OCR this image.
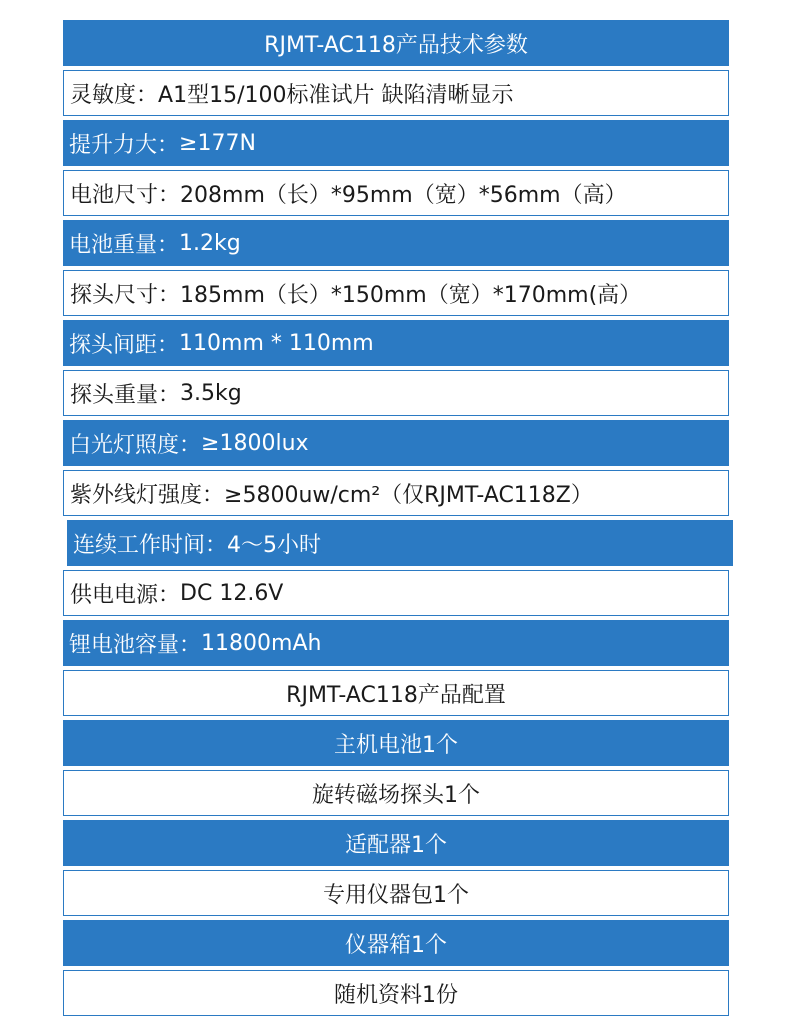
RJMT-AC118产品技术参数
灵敏度 ： A1型15/100标准试片 缺陷清晰显示
提升力大 ： ≥177N
电池尺寸 ： 208mm（长）*95mm（宽）*56mm（高）
电池重量 ： 1.2kg
探头尺寸 ： 185mm（长）*150mm（宽）*170mm(高）
探头间距 ： 110mm * 110mm
探头重量 ： 3.5kg
白光灯照度 ： ≥1800lux
紫外线灯强度 ： ≥5800uw/cm²（仅RJMT-AC118Z）
连续工作时间 ： 4～5小时
供电电源 ： DC 12.6V
锂电池容量 ： 11800mAh
RJMT-AC118产品配置
主机电池1个
旋转磁场探头1个
适配器1个
专用仪器包1个
仪器箱1个
随机资料1份
